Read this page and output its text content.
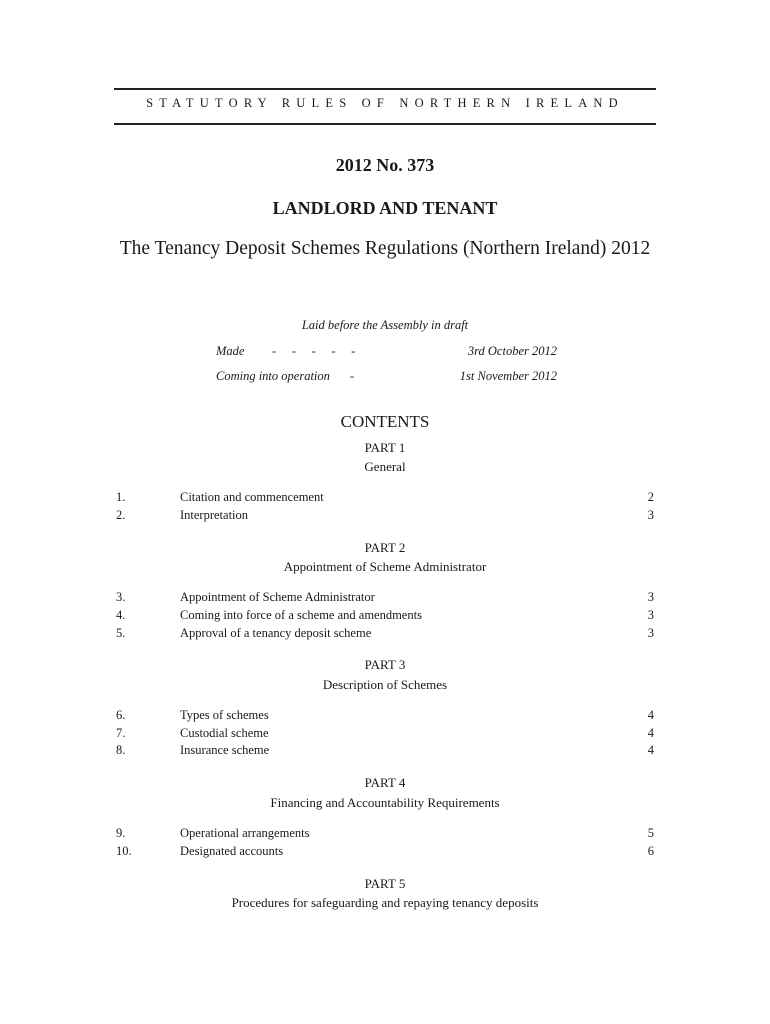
STATUTORY RULES OF NORTHERN IRELAND
2012 No. 373
LANDLORD AND TENANT
The Tenancy Deposit Schemes Regulations (Northern Ireland) 2012
Laid before the Assembly in draft
Made -     -     -     -     -	3rd October 2012
Coming into operation -	1st November 2012
CONTENTS
PART 1
General
1.	Citation and commencement	2
2.	Interpretation	3
PART 2
Appointment of Scheme Administrator
3.	Appointment of Scheme Administrator	3
4.	Coming into force of a scheme and amendments	3
5.	Approval of a tenancy deposit scheme	3
PART 3
Description of Schemes
6.	Types of schemes	4
7.	Custodial scheme	4
8.	Insurance scheme	4
PART 4
Financing and Accountability Requirements
9.	Operational arrangements	5
10.	Designated accounts	6
PART 5
Procedures for safeguarding and repaying tenancy deposits
